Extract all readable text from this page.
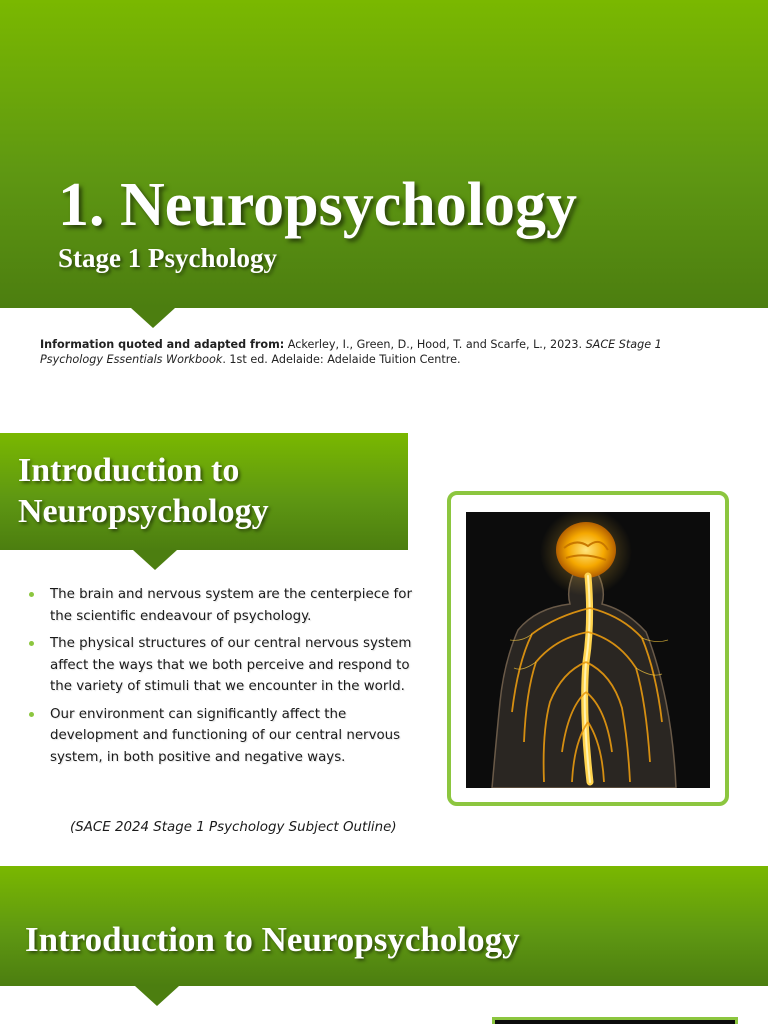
1. Neuropsychology
Stage 1 Psychology
Information quoted and adapted from: Ackerley, I., Green, D., Hood, T. and Scarfe, L., 2023. SACE Stage 1 Psychology Essentials Workbook. 1st ed. Adelaide: Adelaide Tuition Centre.
Introduction to
Neuropsychology
The brain and nervous system are the centerpiece for the scientific endeavour of psychology.
The physical structures of our central nervous system affect the ways that we both perceive and respond to the variety of stimuli that we encounter in the world.
Our environment can significantly affect the development and functioning of our central nervous system, in both positive and negative ways.
(SACE 2024 Stage 1 Psychology Subject Outline)
Introduction to Neuropsychology
